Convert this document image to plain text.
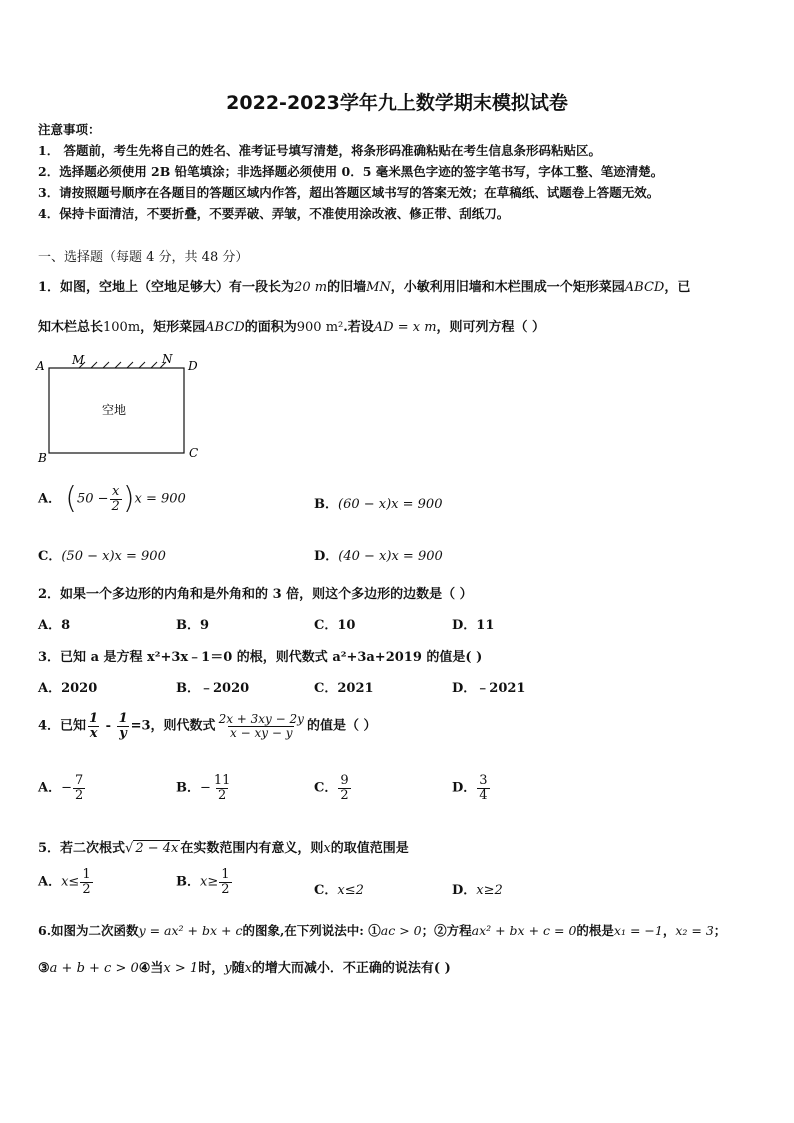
2022-2023学年九上数学期末模拟试卷
注意事项：
1． 答题前，考生先将自己的姓名、准考证号填写清楚，将条形码准确粘贴在考生信息条形码粘贴区。
2．选择题必须使用 2B 铅笔填涂；非选择题必须使用 0．5 毫米黑色字迹的签字笔书写，字体工整、笔迹清楚。
3．请按照题号顺序在各题目的答题区域内作答，超出答题区域书写的答案无效；在草稿纸、试题卷上答题无效。
4．保持卡面清洁，不要折叠，不要弄破、弄皱，不准使用涂改液、修正带、刮纸刀。
一、选择题（每题 4 分，共 48 分）
1．如图，空地上（空地足够大）有一段长为20 m的旧墙MN，小敏利用旧墙和木栏围成一个矩形菜园ABCD，已
知木栏总长100m，矩形菜园ABCD的面积为900 m².若设AD = x m，则可列方程（ ）
A M	N D
B	C
空地
A． $(50 - \frac{x}{2} )x = 900$	B．(60 − x)x = 900
C．(50 − x)x = 900	D．(40 − x)x = 900
2．如果一个多边形的内角和是外角和的 3 倍，则这个多边形的边数是（ ）
A．8	B．9	C．10	D．11
3．已知 a 是方程 x²+3x﹣1＝0 的根，则代数式 a²+3a+2019 的值是( )
A．2020	B．﹣2020	C．2021	D．﹣2021
4．已知 $\frac{1}{x} - \frac{1}{y} =3$，则代数式 $\frac{2x + 3xy - 2y}{x - xy - y}$ 的值是（ ）
A．− $\frac{7}{2}$	B．− $\frac{11}{2}$	C． $\frac{9}{2}$	D． $\frac{3}{4}$
5．若二次根式√ 2 − 4x 在实数范围内有意义，则x的取值范围是
A．$x\le \frac{1}{2}$	B．$x\ge \frac{1}{2}$	C．x≤2	D．x≥2
6.如图为二次函数y = ax² + bx + c的图象,在下列说法中: ①ac > 0；②方程ax² + bx + c = 0的根是x₁ = −1，x₂ = 3；
③a + b + c > 0④当x > 1时，y随x的增大而减小．不正确的说法有( )
